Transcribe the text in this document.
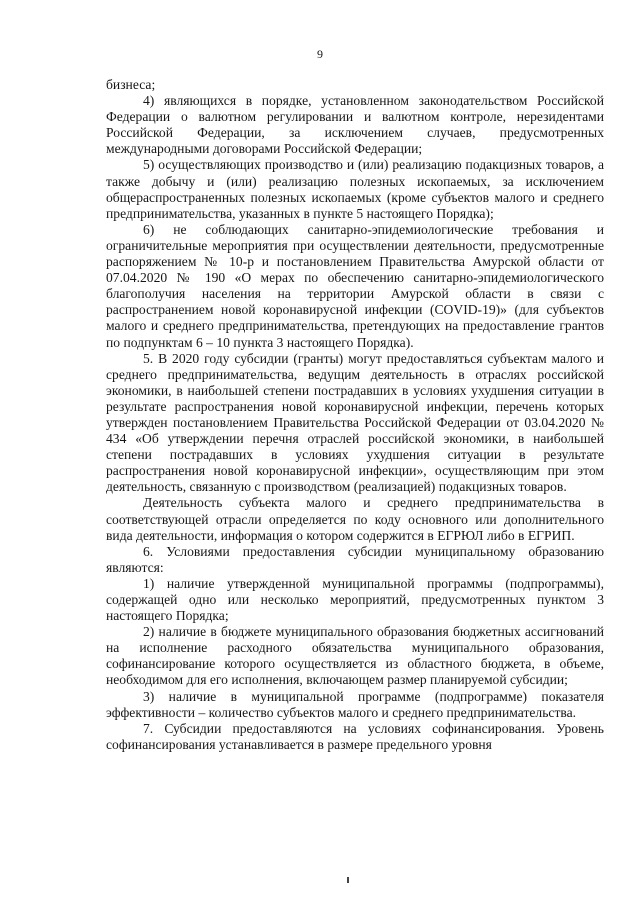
9

бизнеса;

4) являющихся в порядке, установленном законодательством Российской Федерации о валютном регулировании и валютном контроле, нерезидентами Российской Федерации, за исключением случаев, предусмотренных международными договорами Российской Федерации;

5) осуществляющих производство и (или) реализацию подакцизных товаров, а также добычу и (или) реализацию полезных ископаемых, за исключением общераспространенных полезных ископаемых (кроме субъектов малого и среднего предпринимательства, указанных в пункте 5 настоящего Порядка);

6) не соблюдающих санитарно-эпидемиологические требования и ограничительные мероприятия при осуществлении деятельности, предусмотренные распоряжением № 10-р и постановлением Правительства Амурской области от 07.04.2020 № 190 «О мерах по обеспечению санитарно-эпидемиологического благополучия населения на территории Амурской области в связи с распространением новой коронавирусной инфекции (COVID-19)» (для субъектов малого и среднего предпринимательства, претендующих на предоставление грантов по подпунктам 6 – 10 пункта 3 настоящего Порядка).

5. В 2020 году субсидии (гранты) могут предоставляться субъектам малого и среднего предпринимательства, ведущим деятельность в отраслях российской экономики, в наибольшей степени пострадавших в условиях ухудшения ситуации в результате распространения новой коронавирусной инфекции, перечень которых утвержден постановлением Правительства Российской Федерации от 03.04.2020 № 434 «Об утверждении перечня отраслей российской экономики, в наибольшей степени пострадавших в условиях ухудшения ситуации в результате распространения новой коронавирусной инфекции», осуществляющим при этом деятельность, связанную с производством (реализацией) подакцизных товаров.

Деятельность субъекта малого и среднего предпринимательства в соответствующей отрасли определяется по коду основного или дополнительного вида деятельности, информация о котором содержится в ЕГРЮЛ либо в ЕГРИП.

6. Условиями предоставления субсидии муниципальному образованию являются:

1) наличие утвержденной муниципальной программы (подпрограммы), содержащей одно или несколько мероприятий, предусмотренных пунктом 3 настоящего Порядка;

2) наличие в бюджете муниципального образования бюджетных ассигнований на исполнение расходного обязательства муниципального образования, софинансирование которого осуществляется из областного бюджета, в объеме, необходимом для его исполнения, включающем размер планируемой субсидии;

3) наличие в муниципальной программе (подпрограмме) показателя эффективности – количество субъектов малого и среднего предпринимательства.

7. Субсидии предоставляются на условиях софинансирования. Уровень софинансирования устанавливается в размере предельного уровня
